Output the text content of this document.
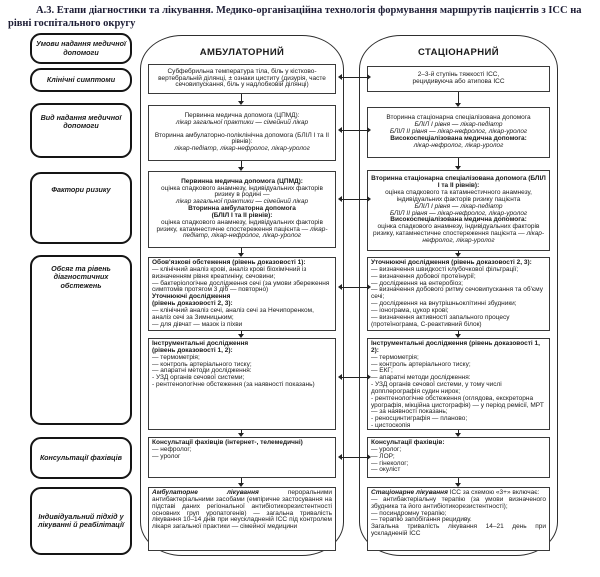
А.3. Етапи діагностики та лікування. Медико-організаційна технологія формування маршрутів пацієнтів з ІСС на рівні госпітального округу
Умови надання медичної допомоги
Клінічні симптоми
Вид надання медичної допомоги
Фактори ризику
Обсяг та рівень діагностичних обстежень
Консультації фахівців
Індивідуальний підхід у лікуванні й реабілітації
АМБУЛАТОРНИЙ	СТАЦІОНАРНИЙ
Субфебрильна температура тіла, біль у кістково-вертебральній ділянці, ± ознаки циститу (дизурія, часте сечовипускання, біль у надлобковій ділянці)
Первинна медична допомога (ЦПМД):
лікар загальної практики — сімейний лікар
Вторинна амбулаторно-поліклінічна допомога (БЛІЛ І та ІІ рівнів):
лікар-педіатр, лікар-нефролог, лікар-уролог
Первинна медична допомога (ЦПМД):
оцінка спадкового анамнезу, індивідуальних факторів ризику в родині —
лікар загальної практики — сімейний лікар
Вторинна амбулаторна допомога
(БЛІЛ І та ІІ рівнів):
оцінка спадкового анамнезу, індивідуальних факторів ризику, катамнестичне спостереження пацієнта — лікар-педіатр, лікар-нефролог, лікар-уролог
Обов'язкові обстеження (рівень доказовості 1):
— клінічний аналіз крові, аналіз крові біохімічний із визначенням рівня креатиніну, сечовини;
— бактеріологічне дослідження сечі (за умови збереження симптомів протягом 3 діб — повторно)
Уточнюючі дослідження
(рівень доказовості 2, 3):
— клінічний аналіз сечі, аналіз сечі за Нечипоренком, аналіз сечі за Зимницьким;
— для дівчат — мазок із піхви
Інструментальні дослідження
(рівень доказовості 1, 2):
— термометрія;
— контроль артеріального тиску;
— апаратні методи дослідження:
- УЗД органів сечової системи;
- рентгенологічне обстеження (за наявності показань)
Консультації фахівців (інтернет-, телемедичні)
— нефролог;
— уролог
Амбулаторне лікування пероральними антибактеріальними засобами (емпіричне застосування на підставі даних регіональної антибіотикорезистентності основних груп уропатогенів) — загальна тривалість лікування 10–14 днів при неускладненій ІСС під контролем лікаря загальної практики — сімейної медицини
2–3-й ступінь тяжкості ІСС,
рецидивуюча або атипова ІСС
Вторинна стаціонарна спеціалізована допомога
БЛІЛ І рівня — лікар-педіатр
БЛІЛ ІІ рівня — лікар-нефролог, лікар-уролог
Високоспеціалізована медична допомога:
лікар-нефролог, лікар-уролог
Вторинна стаціонарна спеціалізована допомога (БЛІЛ І та ІІ рівнів):
оцінка спадкового та катамнестичного анамнезу, індивідуальних факторів ризику пацієнта
БЛІЛ І рівня — лікар-педіатр
БЛІЛ ІІ рівня — лікар-нефролог, лікар-уролог
Високоспеціалізована медична допомога:
оцінка спадкового анамнезу, індивідуальних факторів ризику, катамнестичне спостереження пацієнта — лікар-нефролог, лікар-уролог
Уточнюючі дослідження (рівень доказовості 2, 3):
— визначення швидкості клубочкової фільтрації;
— визначення добової протеїнурії;
— дослідження на ентеробіоз;
— визначення добового ритму сечовипускання та об'єму сечі;
— дослідження на внутрішньоклітинні збудники;
— іонограма, цукор крові;
— визначення активності запального процесу (протеїнограма, С-реактивний білок)
Інструментальні дослідження (рівень доказовості 1, 2):
— термометрія;
— контроль артеріального тиску;
— ЕКГ;
— апаратні методи дослідження:
- УЗД органів сечової системи, у тому числі допплерографія судин нирок;
- рентгенологічне обстеження (оглядова, екскреторна урографія, мікційна цистографія) — у період ремісії, МРТ — за наявності показань;
- реносцинтиграфія — планово;
- цистоскопія
Консультації фахівців:
— уролог;
— ЛОР;
— гінеколог;
— окуліст
Стаціонарне лікування ІСС за схемою «3+» включає:
— антибактеріальну терапію (за умови визначеного збудника та його антибіотикорезистентності);
— посиндромну терапію;
— терапію запобігання рецидиву.
Загальна тривалість лікування 14–21 день при ускладненій ІСС
